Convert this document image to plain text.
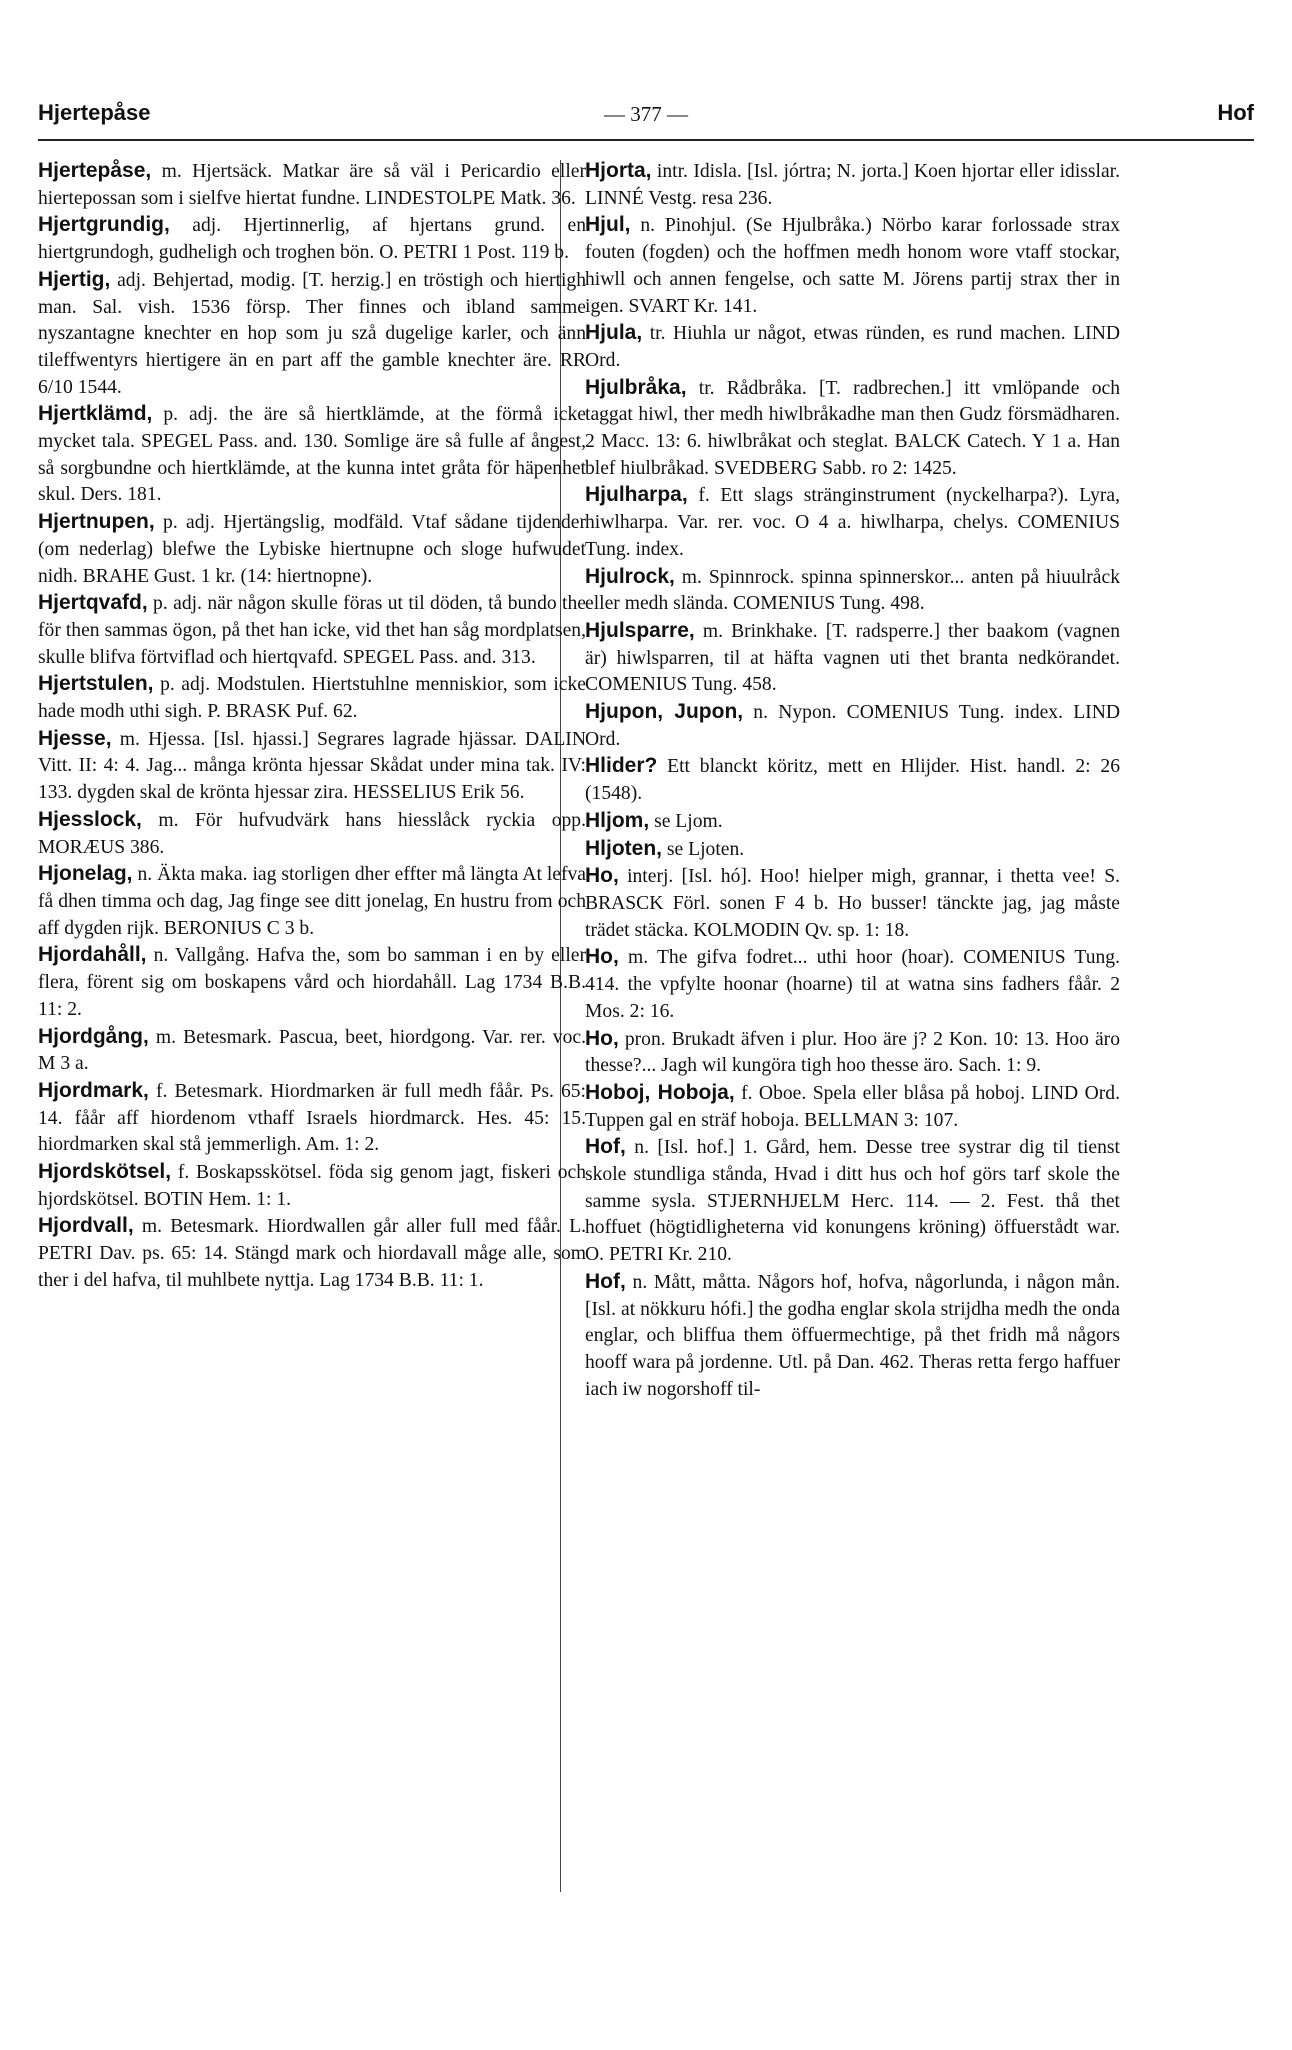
Hjertepåse	— 377 —	Hof

Hjertepåse, m. Hjertsäck. Matkar äre så väl i Pericardio eller hiertepossan som i sielfve hiertat fundne. LINDESTOLPE Matk. 36.

Hjertgrundig, adj. Hjertinnerlig, af hjertans grund. en hiertgrundogh, gudheligh och troghen bön. O. PETRI 1 Post. 119 b.

Hjertig, adj. Behjertad, modig. [T. herzig.] en tröstigh och hiertigh man. Sal. vish. 1536 försp. Ther finnes och ibland samme nyszantagne knechter en hop som ju szå dugelige karler, och änn tileffwentyrs hiertigere än en part aff the gamble knechter äre. RR 6/10 1544.

Hjertklämd, p. adj. the äre så hiertklämde, at the förmå icke mycket tala. SPEGEL Pass. and. 130. Somlige äre så fulle af ångest, så sorgbundne och hiertklämde, at the kunna intet gråta för häpenhet skul. Ders. 181.

Hjertnupen, p. adj. Hjertängslig, modfäld. Vtaf sådane tijdender (om nederlag) blefwe the Lybiske hiertnupne och sloge hufwudet nidh. BRAHE Gust. 1 kr. (14: hiertnopne).

Hjertqvafd, p. adj. när någon skulle föras ut til döden, tå bundo the för then sammas ögon, på thet han icke, vid thet han såg mordplatsen, skulle blifva förtviflad och hiertqvafd. SPEGEL Pass. and. 313.

Hjertstulen, p. adj. Modstulen. Hiertstuhlne menniskior, som icke hade modh uthi sigh. P. BRASK Puf. 62.

Hjesse, m. Hjessa. [Isl. hjassi.] Segrares lagrade hjässar. DALIN Vitt. II: 4: 4. Jag... många krönta hjessar Skådat under mina tak. IV: 133. dygden skal de krönta hjessar zira. HESSELIUS Erik 56.

Hjesslock, m. För hufvudvärk hans hiesslåck ryckia opp. MORÆUS 386.

Hjonelag, n. Äkta maka. iag storligen dher effter må längta At lefva få dhen timma och dag, Jag finge see ditt jonelag, En hustru from och aff dygden rijk. BERONIUS C 3 b.

Hjordahåll, n. Vallgång. Hafva the, som bo samman i en by eller flera, förent sig om boskapens vård och hiordahåll. Lag 1734 B.B. 11: 2.

Hjordgång, m. Betesmark. Pascua, beet, hiordgong. Var. rer. voc. M 3 a.

Hjordmark, f. Betesmark. Hiordmarken är full medh fåår. Ps. 65: 14. fåår aff hiordenom vthaff Israels hiordmarck. Hes. 45: 15. hiordmarken skal stå jemmerligh. Am. 1: 2.

Hjordskötsel, f. Boskapsskötsel. föda sig genom jagt, fiskeri och hjordskötsel. BOTIN Hem. 1: 1.

Hjordvall, m. Betesmark. Hiordwallen går aller full med fåår. L. PETRI Dav. ps. 65: 14. Stängd mark och hiordavall måge alle, som ther i del hafva, til muhlbete nyttja. Lag 1734 B.B. 11: 1.

Hjorta, intr. Idisla. [Isl. jórtra; N. jorta.] Koen hjortar eller idisslar. LINNÉ Vestg. resa 236.

Hjul, n. Pinohjul. (Se Hjulbråka.) Nörbo karar forlossade strax fouten (fogden) och the hoffmen medh honom wore vtaff stockar, hiwll och annen fengelse, och satte M. Jörens partij strax ther in igen. SVART Kr. 141.

Hjula, tr. Hiuhla ur något, etwas ründen, es rund machen. LIND Ord.

Hjulbråka, tr. Rådbråka. [T. radbrechen.] itt vmlöpande och taggat hiwl, ther medh hiwlbråkadhe man then Gudz försmädharen. 2 Macc. 13: 6. hiwlbråkat och steglat. BALCK Catech. Y 1 a. Han blef hiulbråkad. SVEDBERG Sabb. ro 2: 1425.

Hjulharpa, f. Ett slags stränginstrument (nyckelharpa?). Lyra, hiwlharpa. Var. rer. voc. O 4 a. hiwlharpa, chelys. COMENIUS Tung. index.

Hjulrock, m. Spinnrock. spinna spinnerskor... anten på hiuulråck eller medh slända. COMENIUS Tung. 498.

Hjulsparre, m. Brinkhake. [T. radsperre.] ther baakom (vagnen är) hiwlsparren, til at häfta vagnen uti thet branta nedkörandet. COMENIUS Tung. 458.

Hjupon, Jupon, n. Nypon. COMENIUS Tung. index. LIND Ord.

Hlider? Ett blanckt köritz, mett en Hlijder. Hist. handl. 2: 26 (1548).

Hljom, se Ljom.

Hljoten, se Ljoten.

Ho, interj. [Isl. hó]. Hoo! hielper migh, grannar, i thetta vee! S. BRASCK Förl. sonen F 4 b. Ho busser! tänckte jag, jag måste trädet stäcka. KOLMODIN Qv. sp. 1: 18.

Ho, m. The gifva fodret... uthi hoor (hoar). COMENIUS Tung. 414. the vpfylte hoonar (hoarne) til at watna sins fadhers fåår. 2 Mos. 2: 16.

Ho, pron. Brukadt äfven i plur. Hoo äre j? 2 Kon. 10: 13. Hoo äro thesse?... Jagh wil kungöra tigh hoo thesse äro. Sach. 1: 9.

Hoboj, Hoboja, f. Oboe. Spela eller blåsa på hoboj. LIND Ord. Tuppen gal en sträf hoboja. BELLMAN 3: 107.

Hof, n. [Isl. hof.] 1. Gård, hem. Desse tree systrar dig til tienst skole stundliga stånda, Hvad i ditt hus och hof görs tarf skole the samme sysla. STJERNHJELM Herc. 114. — 2. Fest. thå thet hoffuet (högtidligheterna vid konungens kröning) öffuerstådt war. O. PETRI Kr. 210.

Hof, n. Mått, måtta. Någors hof, hofva, någorlunda, i någon mån. [Isl. at nökkuru hófi.] the godha englar skola strijdha medh the onda englar, och bliffua them öffuermechtige, på thet fridh må någors hooff wara på jordenne. Utl. på Dan. 462. Theras retta fergo haffuer iach iw nogorshoff til-
